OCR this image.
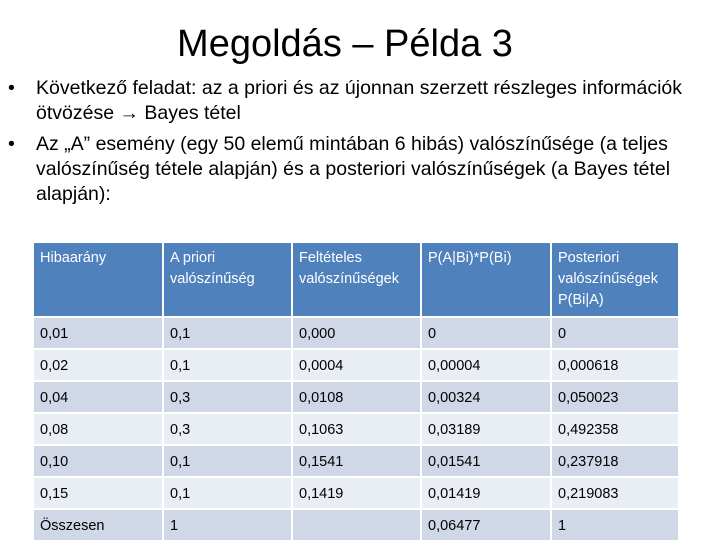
Megoldás – Példa 3
• Következő feladat: az a priori és az újonnan szerzett részleges információk ötvözése → Bayes tétel
• Az „A” esemény (egy 50 elemű mintában 6 hibás) valószínűsége (a teljes valószínűség tétele alapján) és a posteriori valószínűségek (a Bayes tétel alapján):
Hibaarány	A priori valószínűség	Feltételes valószínűségek	P(A|Bi)*P(Bi)	Posteriori valószínűségek P(Bi|A)
0,01	0,1	0,000	0	0
0,02	0,1	0,0004	0,00004	0,000618
0,04	0,3	0,0108	0,00324	0,050023
0,08	0,3	0,1063	0,03189	0,492358
0,10	0,1	0,1541	0,01541	0,237918
0,15	0,1	0,1419	0,01419	0,219083
Összesen	1		0,06477	1
